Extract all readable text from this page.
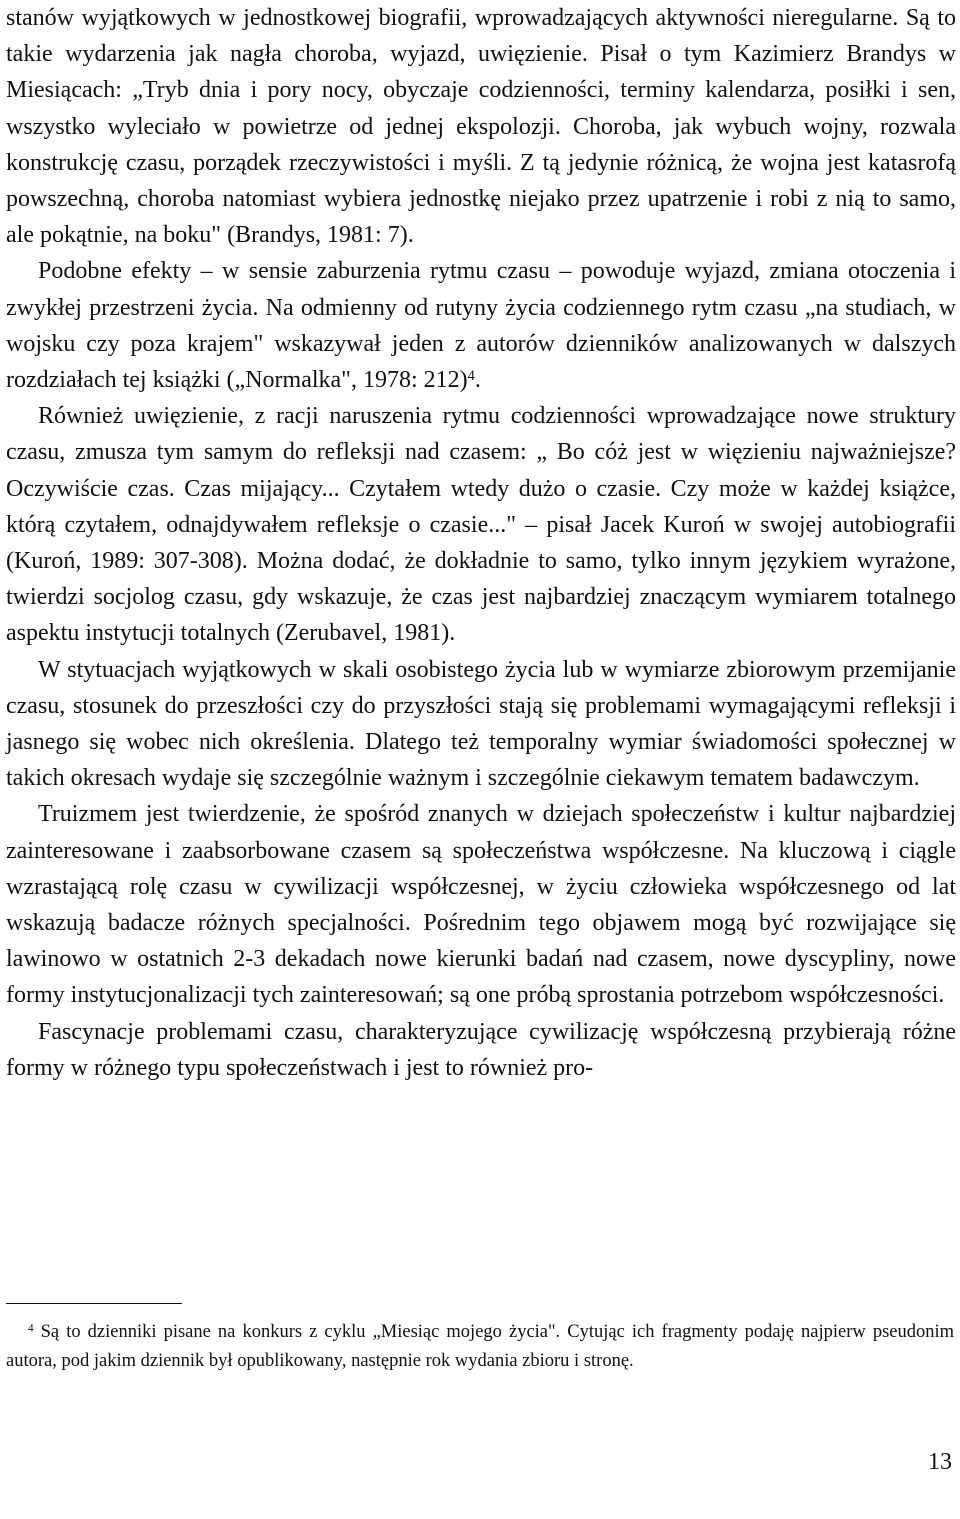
stanów wyjątkowych w jednostkowej biografii, wprowadzających aktywności nieregularne. Są to takie wydarzenia jak nagła choroba, wyjazd, uwięzienie. Pisał o tym Kazimierz Brandys w Miesiącach: „Tryb dnia i pory nocy, obyczaje codzienności, terminy kalendarza, posiłki i sen, wszystko wyleciało w powietrze od jednej ekspolozji. Choroba, jak wybuch wojny, rozwala konstrukcję czasu, porządek rzeczywistości i myśli. Z tą jedynie różnicą, że wojna jest katasrofą powszechną, choroba natomiast wybiera jednostkę niejako przez upatrzenie i robi z nią to samo, ale pokątnie, na boku" (Brandys, 1981: 7).

Podobne efekty – w sensie zaburzenia rytmu czasu – powoduje wyjazd, zmiana otoczenia i zwykłej przestrzeni życia. Na odmienny od rutyny życia codziennego rytm czasu „na studiach, w wojsku czy poza krajem" wskazywał jeden z autorów dzienników analizowanych w dalszych rozdziałach tej książki („Normalka", 1978: 212)$^4$.

Również uwięzienie, z racji naruszenia rytmu codzienności wprowadzające nowe struktury czasu, zmusza tym samym do refleksji nad czasem: „ Bo cóż jest w więzieniu najważniejsze? Oczywiście czas. Czas mijający... Czytałem wtedy dużo o czasie. Czy może w każdej książce, którą czytałem, odnajdywałem refleksje o czasie..." – pisał Jacek Kuroń w swojej autobiografii (Kuroń, 1989: 307-308). Można dodać, że dokładnie to samo, tylko innym językiem wyrażone, twierdzi socjolog czasu, gdy wskazuje, że czas jest najbardziej znaczącym wymiarem totalnego aspektu instytucji totalnych (Zerubavel, 1981).

W stytuacjach wyjątkowych w skali osobistego życia lub w wymiarze zbiorowym przemijanie czasu, stosunek do przeszłości czy do przyszłości stają się problemami wymagającymi refleksji i jasnego się wobec nich określenia. Dlatego też temporalny wymiar świadomości społecznej w takich okresach wydaje się szczególnie ważnym i szczególnie ciekawym tematem badawczym.

Truizmem jest twierdzenie, że spośród znanych w dziejach społeczeństw i kultur najbardziej zainteresowane i zaabsorbowane czasem są społeczeństwa współczesne. Na kluczową i ciągle wzrastającą rolę czasu w cywilizacji współczesnej, w życiu człowieka współczesnego od lat wskazują badacze różnych specjalności. Pośrednim tego objawem mogą być rozwijające się lawinowo w ostatnich 2-3 dekadach nowe kierunki badań nad czasem, nowe dyscypliny, nowe formy instytucjonalizacji tych zainteresowań; są one próbą sprostania potrzebom współczesności.

Fascynacje problemami czasu, charakteryzujące cywilizację współczesną przybierają różne formy w różnego typu społeczeństwach i jest to również pro-

$^4$ Są to dzienniki pisane na konkurs z cyklu „Miesiąc mojego życia". Cytując ich fragmenty podaję najpierw pseudonim autora, pod jakim dziennik był opublikowany, następnie rok wydania zbioru i stronę.

13
